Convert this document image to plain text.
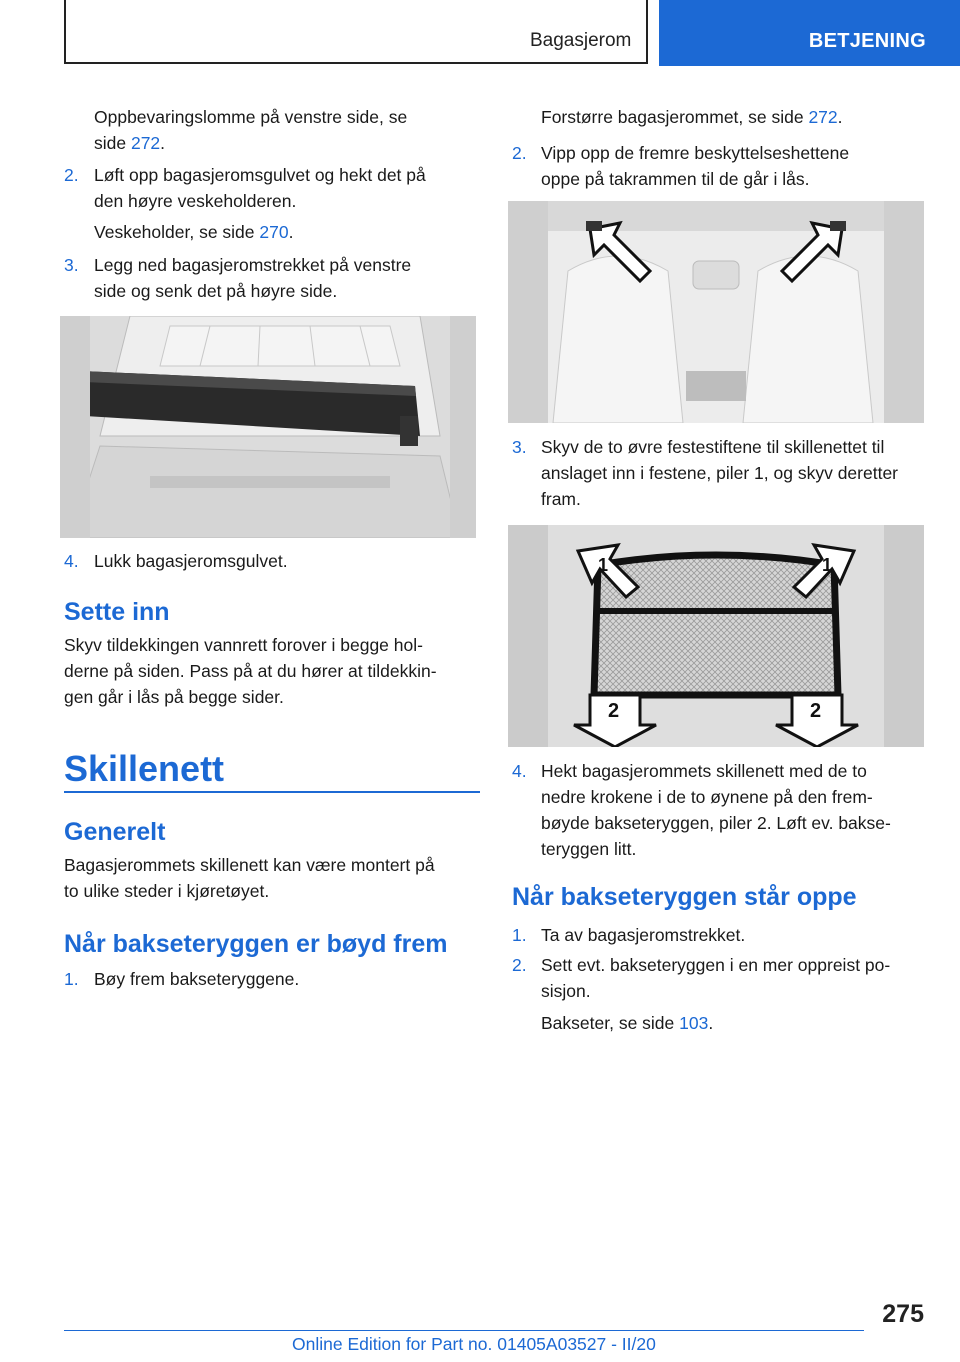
Bagasjerom	BETJENING

Oppbevaringslomme på venstre side, se

side 272.

2. Løft opp bagasjeromsgulvet og hekt det på

den høyre veskeholderen.

Veskeholder, se side 270.

3. Legg ned bagasjeromstrekket på venstre

side og senk det på høyre side.

4. Lukk bagasjeromsgulvet.

Sette inn

Skyv tildekkingen vannrett forover i begge hol-

derne på siden. Pass på at du hører at tildekkin-

gen går i lås på begge sider.

Skillenett
Generelt

Bagasjerommets skillenett kan være montert på

to ulike steder i kjøretøyet.

Når bakseteryggen er bøyd frem
1. Bøy frem bakseteryggene.

Forstørre bagasjerommet, se side 272.

2. Vipp opp de fremre beskyttelseshettene

oppe på takrammen til de går i lås.

3. Skyv de to øvre festestiftene til skillenettet til

anslaget inn i festene, piler 1, og skyv deretter

fram.

1	1
2	2
4. Hekt bagasjerommets skillenett med de to

nedre krokene i de to øynene på den frem-

bøyde bakseteryggen, piler 2. Løft ev. bakse-

teryggen litt.

Når bakseteryggen står oppe
1. Ta av bagasjeromstrekket.

2. Sett evt. bakseteryggen i en mer oppreist po-

sisjon.

Bakseter, se side 103.

275
Online Edition for Part no. 01405A03527 - II/20
